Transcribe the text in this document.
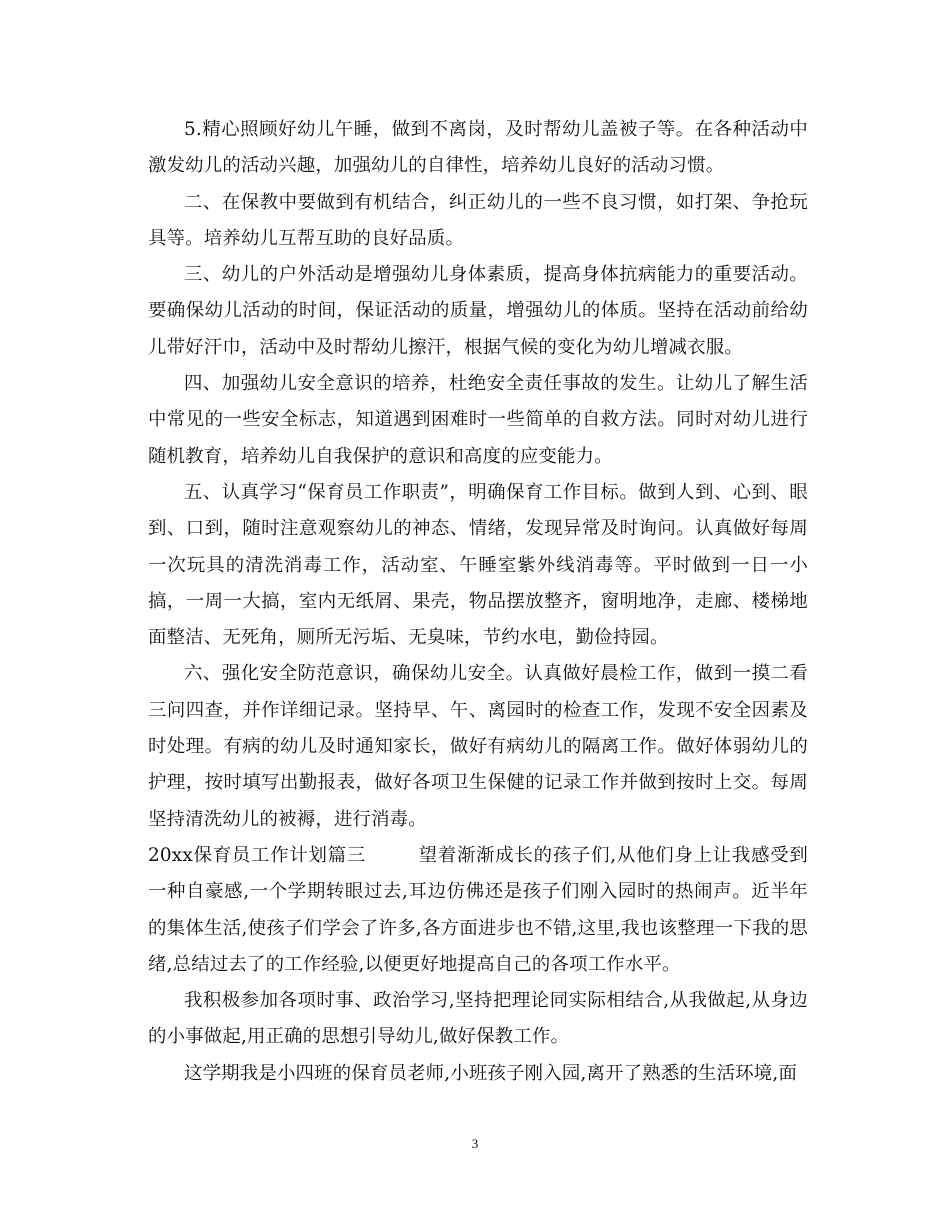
5.精心照顾好幼儿午睡，做到不离岗，及时帮幼儿盖被子等。在各种活动中激发幼儿的活动兴趣，加强幼儿的自律性，培养幼儿良好的活动习惯。

二、在保教中要做到有机结合，纠正幼儿的一些不良习惯，如打架、争抢玩具等。培养幼儿互帮互助的良好品质。

三、幼儿的户外活动是增强幼儿身体素质，提高身体抗病能力的重要活动。要确保幼儿活动的时间，保证活动的质量，增强幼儿的体质。坚持在活动前给幼儿带好汗巾，活动中及时帮幼儿擦汗，根据气候的变化为幼儿增减衣服。

四、加强幼儿安全意识的培养，杜绝安全责任事故的发生。让幼儿了解生活中常见的一些安全标志，知道遇到困难时一些简单的自救方法。同时对幼儿进行随机教育，培养幼儿自我保护的意识和高度的应变能力。

五、认真学习“保育员工作职责”，明确保育工作目标。做到人到、心到、眼到、口到，随时注意观察幼儿的神态、情绪，发现异常及时询问。认真做好每周一次玩具的清洗消毒工作，活动室、午睡室紫外线消毒等。平时做到一日一小搞，一周一大搞，室内无纸屑、果壳，物品摆放整齐，窗明地净，走廊、楼梯地面整洁、无死角，厕所无污垢、无臭味，节约水电，勤俭持园。

六、强化安全防范意识，确保幼儿安全。认真做好晨检工作，做到一摸二看三问四查，并作详细记录。坚持早、午、离园时的检查工作，发现不安全因素及时处理。有病的幼儿及时通知家长，做好有病幼儿的隔离工作。做好体弱幼儿的护理，按时填写出勤报表，做好各项卫生保健的记录工作并做到按时上交。每周坚持清洗幼儿的被褥，进行消毒。

20xx保育员工作计划篇三	望着渐渐成长的孩子们,从他们身上让我感受到一种自豪感,一个学期转眼过去,耳边仿佛还是孩子们刚入园时的热闹声。近半年的集体生活,使孩子们学会了许多,各方面进步也不错,这里,我也该整理一下我的思绪,总结过去了的工作经验,以便更好地提高自己的各项工作水平。

我积极参加各项时事、政治学习,坚持把理论同实际相结合,从我做起,从身边的小事做起,用正确的思想引导幼儿,做好保教工作。

这学期我是小四班的保育员老师,小班孩子刚入园,离开了熟悉的生活环境,面

3
